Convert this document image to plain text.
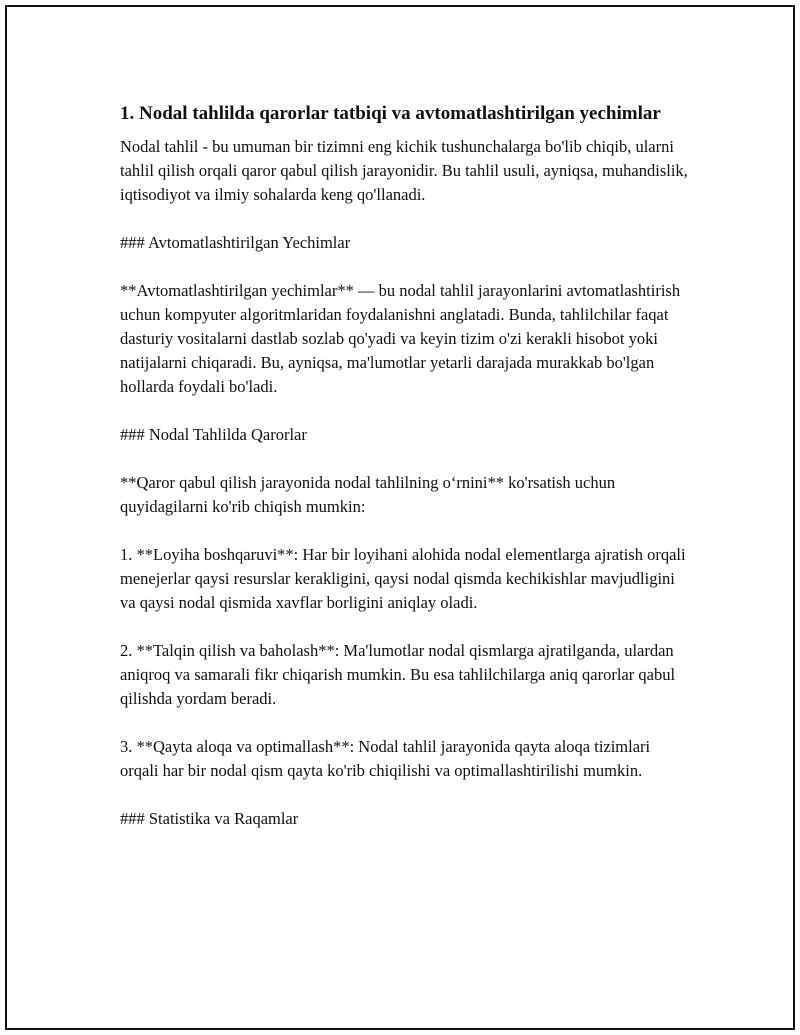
1. Nodal tahlilda qarorlar tatbiqi va avtomatlashtirilgan yechimlar

Nodal tahlil - bu umuman bir tizimni eng kichik tushunchalarga bo'lib chiqib, ularni tahlil qilish orqali qaror qabul qilish jarayonidir. Bu tahlil usuli, ayniqsa, muhandislik, iqtisodiyot va ilmiy sohalarda keng qo'llanadi.

### Avtomatlashtirilgan Yechimlar

**Avtomatlashtirilgan yechimlar** — bu nodal tahlil jarayonlarini avtomatlashtirish uchun kompyuter algoritmlaridan foydalanishni anglatadi. Bunda, tahlilchilar faqat dasturiy vositalarni dastlab sozlab qo'yadi va keyin tizim o'zi kerakli hisobot yoki natijalarni chiqaradi. Bu, ayniqsa, ma'lumotlar yetarli darajada murakkab bo'lgan hollarda foydali bo'ladi.

### Nodal Tahlilda Qarorlar

**Qaror qabul qilish jarayonida nodal tahlilning o‘rnini** ko'rsatish uchun quyidagilarni ko'rib chiqish mumkin:

1. **Loyiha boshqaruvi**: Har bir loyihani alohida nodal elementlarga ajratish orqali menejerlar qaysi resurslar kerakligini, qaysi nodal qismda kechikishlar mavjudligini va qaysi nodal qismida xavflar borligini aniqlay oladi.

2. **Talqin qilish va baholash**: Ma'lumotlar nodal qismlarga ajratilganda, ulardan aniqroq va samarali fikr chiqarish mumkin. Bu esa tahlilchilarga aniq qarorlar qabul qilishda yordam beradi.

3. **Qayta aloqa va optimallash**: Nodal tahlil jarayonida qayta aloqa tizimlari orqali har bir nodal qism qayta ko'rib chiqilishi va optimallashtirilishi mumkin.

### Statistika va Raqamlar
